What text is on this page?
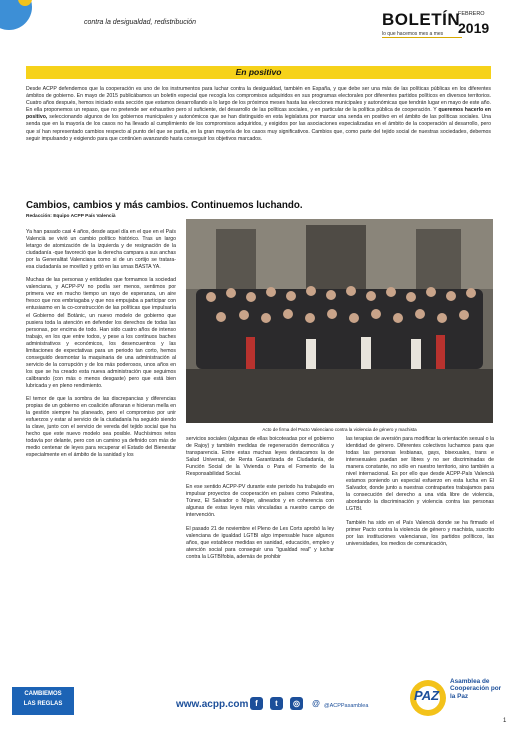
contra la desigualdad, redistribución	BOLETÍN
FEBRERO
2019
lo que hacemos mes a mes
En positivo
Desde ACPP defendemos que la cooperación es uno de los instrumentos para luchar contra la desigualdad, también en España, y que debe ser una más de las políticas públicas en los diferentes ámbitos de gobierno. En mayo de 2015 publicábamos un boletín especial que recogía los compromisos adquiridos en sus programas electorales por diferentes partidos políticos en diversos territorios. Cuatro años después, hemos iniciado esta sección que estamos desarrollando a lo largo de los próximos meses hasta las elecciones municipales y autonómicas que tendrán lugar en mayo de este año. En ella proponemos un repaso, que no pretende ser exhaustivo pero sí suficiente, del desarrollo de las políticas sociales, y en particular de la política pública de cooperación. Y queremos hacerlo en positivo, seleccionando algunos de los gobiernos municipales y autonómicos que se han distinguido en esta legislatura por marcar una senda en positivo en el ámbito de las políticas sociales. Una senda que en la mayoría de los casos no ha llevado al cumplimiento de los compromisos adquiridos, y exigidos por las asociaciones especializadas en el ámbito de la cooperación al desarrollo, pero que sí han representado cambios respecto al punto del que se partía, en la gran mayoría de los casos muy significativos. Cambios que, como parte del tejido social de nuestras sociedades, debemos seguir impulsando y exigiendo para que continúen avanzando hasta conseguir los objetivos marcados.
Cambios, cambios y más cambios. Continuemos luchando.
Redacción: Equipo ACPP País Valencià

Ya han pasado casi 4 años, desde aquel día en el que en el País Valencià se vivió un cambio político histórico. Tras un largo letargo de atomización de la izquierda y de resignación de la ciudadanía -que favoreció que la derecha campara a sus anchas por la Generalitat Valenciana como si de un cortijo se tratara- esa ciudadanía se movilizó y gritó en las urnas BASTA YA.

Muchas de las personas y entidades que formamos la sociedad valenciana, y ACPP-PV no podía ser menos, sentimos por primera vez en mucho tiempo un rayo de esperanza, un aire fresco que nos embriagaba y que nos empujaba a participar con entusiasmo en la co-construcción de las políticas que impulsaría el Gobierno del Botànic, un nuevo modelo de gobierno que pusiera toda la atención en defender los derechos de todas las personas, por encima de todo. Han sido cuatro años de intenso trabajo, en los que entre todos, y pese a los continuos baches administrativos y económicos, los desencuentros y las limitaciones de expectativas para un periodo tan corto, hemos conseguido desmontar la maquinaria de una administración al servicio de la corrupción y de los más poderosos, unos años en los que se ha creado esta nueva administración que seguimos calibrando (con más o menos desgaste) pero que está bien lubricada y en pleno rendimiento.

El temor de que la sombra de las discrepancias y diferencias propias de un gobierno en coalición afloraran e hicieran mella en la gestión siempre ha planeado, pero el compromiso por unir esfuerzos y estar al servicio de la ciudadanía ha seguido siendo la clave, junto con el servicio de vereda del tejido social que ha hecho que este nuevo modelo sea posible. Muchísimos retos todavía por delante, pero con un camino ya definido con más de medio centenar de leyes para recuperar el Estado del Bienestar especialmente en el ámbito de la sanidad y los

Acto de firma del Pacto Valenciano contra la violencia de género y machista

servicios sociales (algunas de ellas boicoteadas por el gobierno de Rajoy) y también medidas de regeneración democrática y transparencia. Entre estas muchas leyes destacamos la de Salud Universal, de Renta Garantizada de Ciudadanía, de Función Social de la Vivienda o Para el Fomento de la Responsabilidad Social.

En ese sentido ACPP-PV durante este periodo ha trabajado en impulsar proyectos de cooperación en países como Palestina, Túnez, El Salvador o Níger, alineados y en coherencia con algunas de estas leyes más vinculadas a nuestro campo de intervención.

El pasado 21 de noviembre el Pleno de Les Corts aprobó la ley valenciana de igualdad LGTBI algo impensable hace algunos años, que establece medidas en sanidad, educación, empleo y atención social para conseguir una "igualdad real" y luchar contra la LGTBIfobia, además de prohibir

las terapias de aversión para modificar la orientación sexual o la identidad de género. Diferentes colectivos luchamos para que todas las personas lesbianas, gays, bisexuales, trans e intersexuales puedan ser libres y no ser discriminadas de manera constante, no sólo en nuestro territorio, sino también a nivel internacional. Es por ello que desde ACPP-País Valencià estamos poniendo un especial esfuerzo en esta lucha en El Salvador, donde junto a nuestras contrapartes trabajamos para la consecución del derecho a una vida libre de violencia, abordando la discriminación y violencia contra las personas LGTBI.

También ha sido en el País Valencià donde se ha firmado el primer Pacto contra la violencia de género y machista, suscrito por las instituciones valencianas, los partidos políticos, las universidades, los medios de comunicación,

CAMBIEMOS
LAS REGLAS	www.acpp.com f	t	◎	@ @ACPPasamblea
PAZ
Asamblea de Cooperación por la Paz
1
